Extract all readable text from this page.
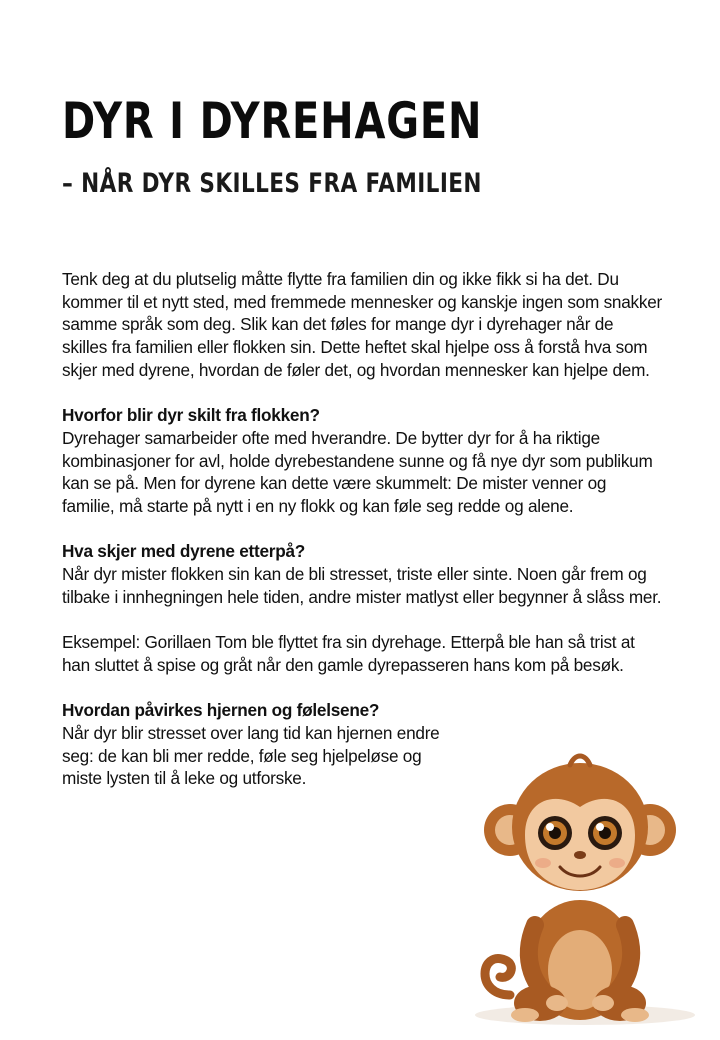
DYR I DYREHAGEN
– NÅR DYR SKILLES FRA FAMILIEN

Tenk deg at du plutselig måtte flytte fra familien din og ikke fikk si ha det. Du kommer til et nytt sted, med fremmede mennesker og kanskje ingen som snakker samme språk som deg. Slik kan det føles for mange dyr i dyrehager når de skilles fra familien eller flokken sin. Dette heftet skal hjelpe oss å forstå hva som skjer med dyrene, hvordan de føler det, og hvordan mennesker kan hjelpe dem.

Hvorfor blir dyr skilt fra flokken?

Dyrehager samarbeider ofte med hverandre. De bytter dyr for å ha riktige kombinasjoner for avl, holde dyrebestandene sunne og få nye dyr som publikum kan se på. Men for dyrene kan dette være skummelt: De mister venner og familie, må starte på nytt i en ny flokk og kan føle seg redde og alene.

Hva skjer med dyrene etterpå?

Når dyr mister flokken sin kan de bli stresset, triste eller sinte. Noen går frem og tilbake i innhegningen hele tiden, andre mister matlyst eller begynner å slåss mer.

Eksempel: Gorillaen Tom ble flyttet fra sin dyrehage. Etterpå ble han så trist at han sluttet å spise og gråt når den gamle dyrepasseren hans kom på besøk.

Hvordan påvirkes hjernen og følelsene?

Når dyr blir stresset over lang tid kan hjernen endre seg: de kan bli mer redde, føle seg hjelpeløse og miste lysten til å leke og utforske.
